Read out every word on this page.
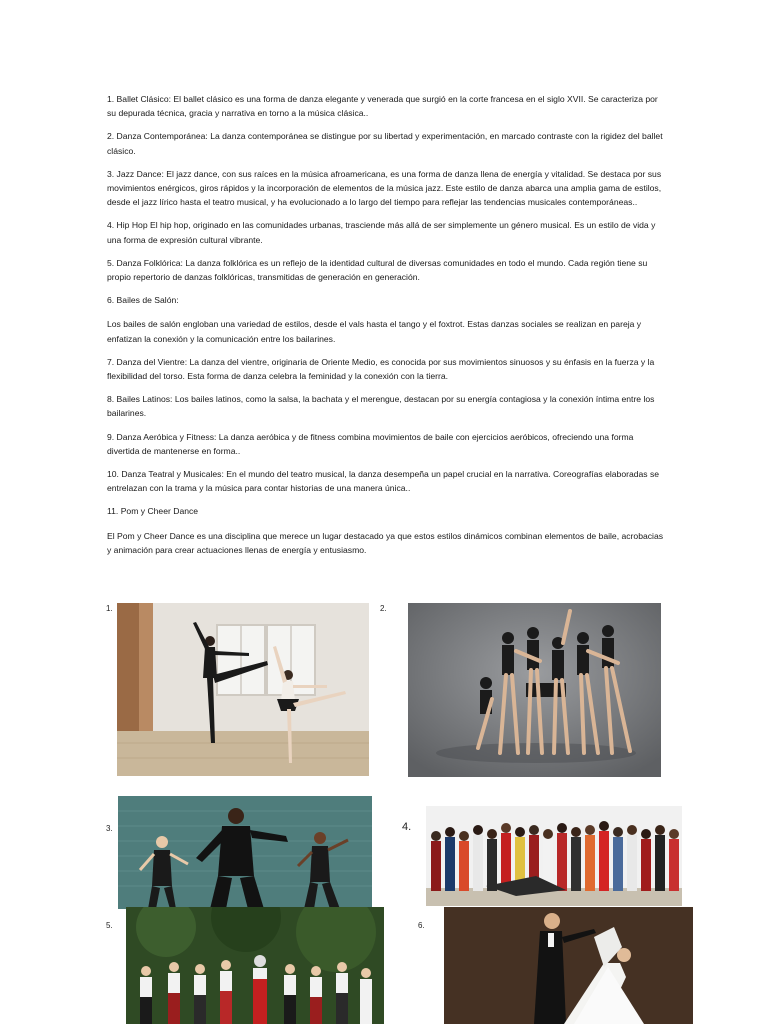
1. Ballet Clásico: El ballet clásico es una forma de danza elegante y venerada que surgió en la corte francesa en el siglo XVII. Se caracteriza por su depurada técnica, gracia y narrativa en torno a la música clásica..

2. Danza Contemporánea: La danza contemporánea se distingue por su libertad y experimentación, en marcado contraste con la rigidez del ballet clásico.

3. Jazz Dance: El jazz dance, con sus raíces en la música afroamericana, es una forma de danza llena de energía y vitalidad. Se destaca por sus movimientos enérgicos, giros rápidos y la incorporación de elementos de la música jazz. Este estilo de danza abarca una amplia gama de estilos, desde el jazz lírico hasta el teatro musical, y ha evolucionado a lo largo del tiempo para reflejar las tendencias musicales contemporáneas..

4. Hip Hop El hip hop, originado en las comunidades urbanas, trasciende más allá de ser simplemente un género musical. Es un estilo de vida y una forma de expresión cultural vibrante.

5. Danza Folklórica: La danza folklórica es un reflejo de la identidad cultural de diversas comunidades en todo el mundo. Cada región tiene su propio repertorio de danzas folklóricas, transmitidas de generación en generación.

6. Bailes de Salón:

Los bailes de salón engloban una variedad de estilos, desde el vals hasta el tango y el foxtrot. Estas danzas sociales se realizan en pareja y enfatizan la conexión y la comunicación entre los bailarines.

7. Danza del Vientre: La danza del vientre, originaria de Oriente Medio, es conocida por sus movimientos sinuosos y su énfasis en la fuerza y la flexibilidad del torso. Esta forma de danza celebra la feminidad y la conexión con la tierra.

8. Bailes Latinos: Los bailes latinos, como la salsa, la bachata y el merengue, destacan por su energía contagiosa y la conexión íntima entre los bailarines.

9. Danza Aeróbica y Fitness: La danza aeróbica y de fitness combina movimientos de baile con ejercicios aeróbicos, ofreciendo una forma divertida de mantenerse en forma..

10. Danza Teatral y Musicales: En el mundo del teatro musical, la danza desempeña un papel crucial en la narrativa. Coreografías elaboradas se entrelazan con la trama y la música para contar historias de una manera única..

11. Pom y Cheer Dance

El Pom y Cheer Dance es una disciplina que merece un lugar destacado ya que estos estilos dinámicos combinan elementos de baile, acrobacias y animación para crear actuaciones llenas de energía y entusiasmo.

1.	2.
3.	4.
5.	6.
